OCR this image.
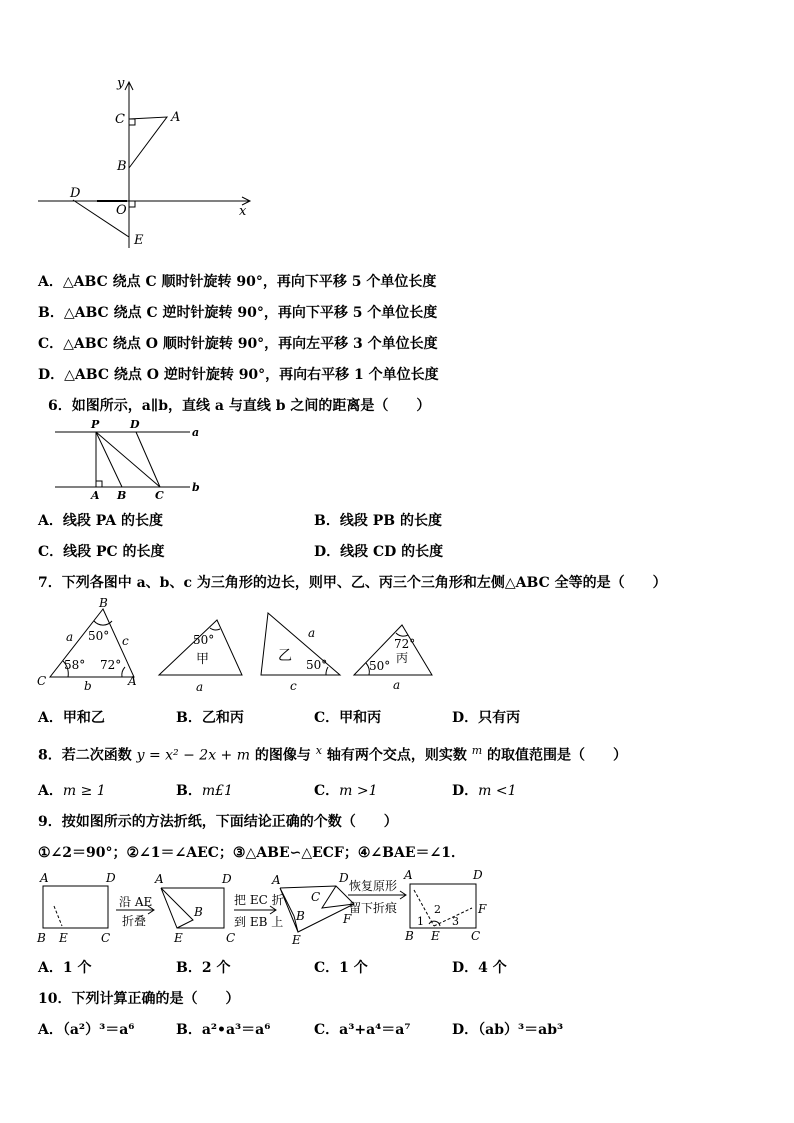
y
C	A
B
D
O	x
E
A．△ABC 绕点 C 顺时针旋转 90°，再向下平移 5 个单位长度
B．△ABC 绕点 C 逆时针旋转 90°，再向下平移 5 个单位长度
C．△ABC 绕点 O 顺时针旋转 90°，再向左平移 3 个单位长度
D．△ABC 绕点 O 逆时针旋转 90°，再向右平移 1 个单位长度
6．如图所示，a∥b，直线 a 与直线 b 之间的距离是（　　）
P	D
a
b
A B	C
A．线段 PA 的长度	B．线段 PB 的长度
C．线段 PC 的长度	D．线段 CD 的长度
7．下列各图中 a、b、c 为三角形的边长，则甲、乙、丙三个三角形和左侧△ABC 全等的是（　　）
B
C	A
a	c
b
50°
58° 72°
50°
甲
a
乙
a
50°
c
72°
丙
50°
a
A．甲和乙	B．乙和丙	C．甲和丙	D．只有丙
8．若二次函数 y = x² − 2x + m 的图像与 $^x$ 轴有两个交点，则实数 $^m$ 的取值范围是（　　）
A．m ≥ 1	B．m£1	C．m >1	D．m <1
9．按如图所示的方法折纸，下面结论正确的个数（　　）
①∠2＝90°；②∠1＝∠AEC；③△ABE∽△ECF；④∠BAE＝∠1．
A	D
B E	C
沿 AE
折叠
A	D
B
E	C
把 EC 折
到 EB 上
A	D
C
B	F
E
恢复原形
留下折痕
A	D
F
1
2
3
B E	C
A．1 个	B．2 个	C．1 个	D．4 个
10．下列计算正确的是（　　）
A．（a²）³＝a⁶	B．a²•a³＝a⁶	C．a³+a⁴＝a⁷	D．（ab）³＝ab³
